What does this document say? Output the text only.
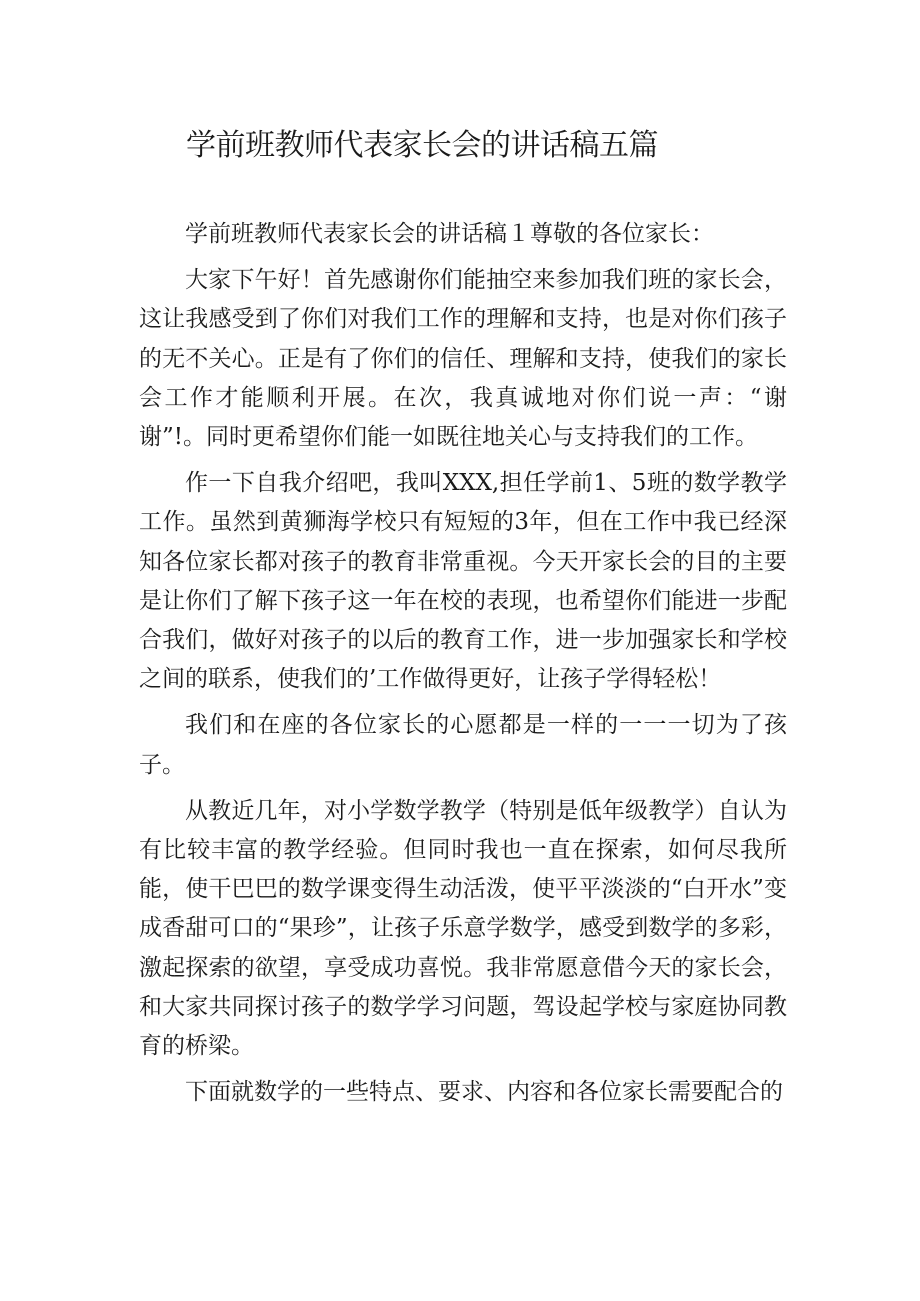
学前班教师代表家长会的讲话稿五篇

学前班教师代表家长会的讲话稿１尊敬的各位家长：

大家下午好！首先感谢你们能抽空来参加我们班的家长会，这让我感受到了你们对我们工作的理解和支持，也是对你们孩子的无不关心。正是有了你们的信任、理解和支持，使我们的家长会工作才能顺利开展。在次，我真诚地对你们说一声：“谢谢”!。同时更希望你们能一如既往地关心与支持我们的工作。

作一下自我介绍吧，我叫XXX,担任学前1、5班的数学教学工作。虽然到黄狮海学校只有短短的3年，但在工作中我已经深知各位家长都对孩子的教育非常重视。今天开家长会的目的主要是让你们了解下孩子这一年在校的表现，也希望你们能进一步配合我们，做好对孩子的以后的教育工作，进一步加强家长和学校之间的联系，使我们的’工作做得更好，让孩子学得轻松！

我们和在座的各位家长的心愿都是一样的一一一切为了孩子。

从教近几年，对小学数学教学（特别是低年级教学）自认为有比较丰富的教学经验。但同时我也一直在探索，如何尽我所能，使干巴巴的数学课变得生动活泼，使平平淡淡的“白开水”变成香甜可口的“果珍”，让孩子乐意学数学，感受到数学的多彩，激起探索的欲望，享受成功喜悦。我非常愿意借今天的家长会，和大家共同探讨孩子的数学学习问题，驾设起学校与家庭协同教育的桥梁。

下面就数学的一些特点、要求、内容和各位家长需要配合的
